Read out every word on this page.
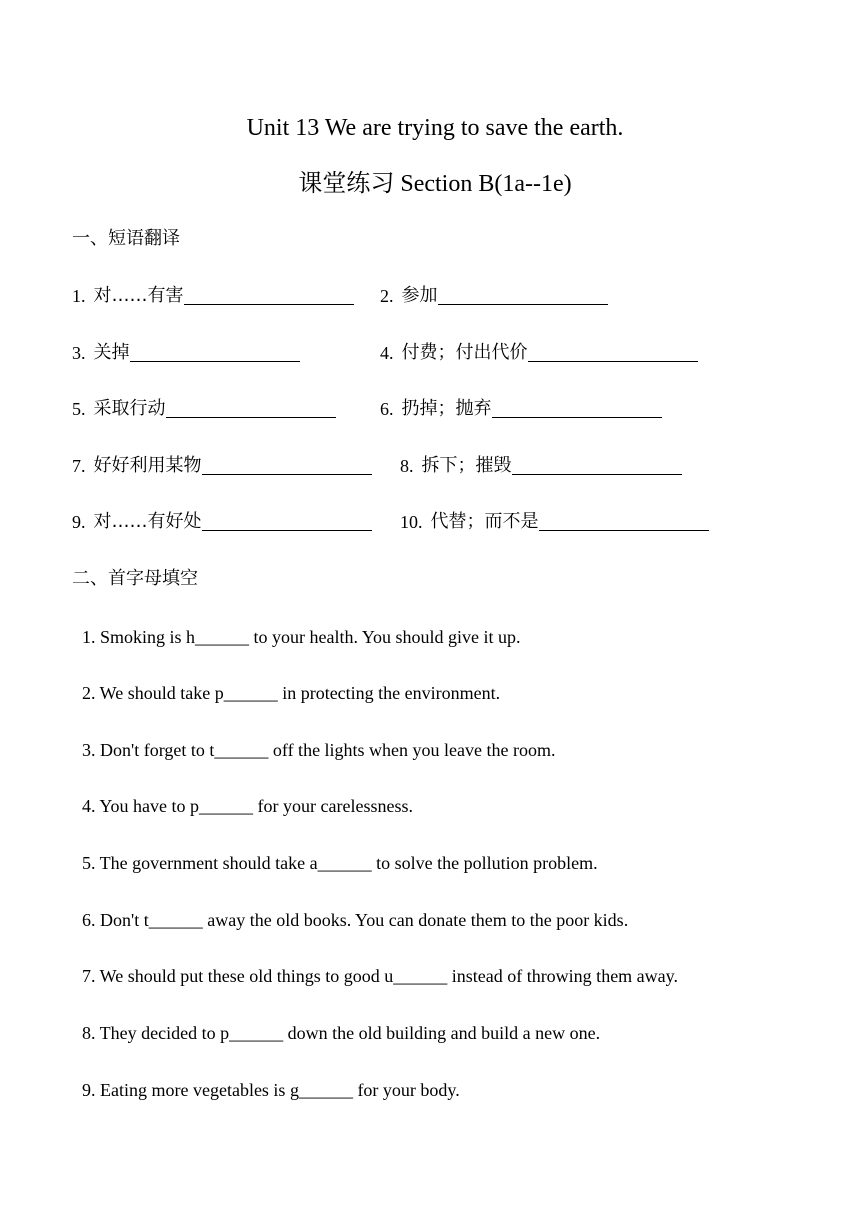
Unit 13 We are trying to save the earth.
课堂练习 Section B(1a--1e)
一、短语翻译
1. 对……有害	2. 参加
3. 关掉	4. 付费；付出代价
5. 采取行动	6. 扔掉；抛弃
7. 好好利用某物	8. 拆下；摧毁
9. 对……有好处	10. 代替；而不是
二、首字母填空
1. Smoking is h______ to your health. You should give it up.
2. We should take p______ in protecting the environment.
3. Don't forget to t______ off the lights when you leave the room.
4. You have to p______ for your carelessness.
5. The government should take a______ to solve the pollution problem.
6. Don't t______ away the old books. You can donate them to the poor kids.
7. We should put these old things to good u______ instead of throwing them away.
8. They decided to p______ down the old building and build a new one.
9. Eating more vegetables is g______ for your body.
